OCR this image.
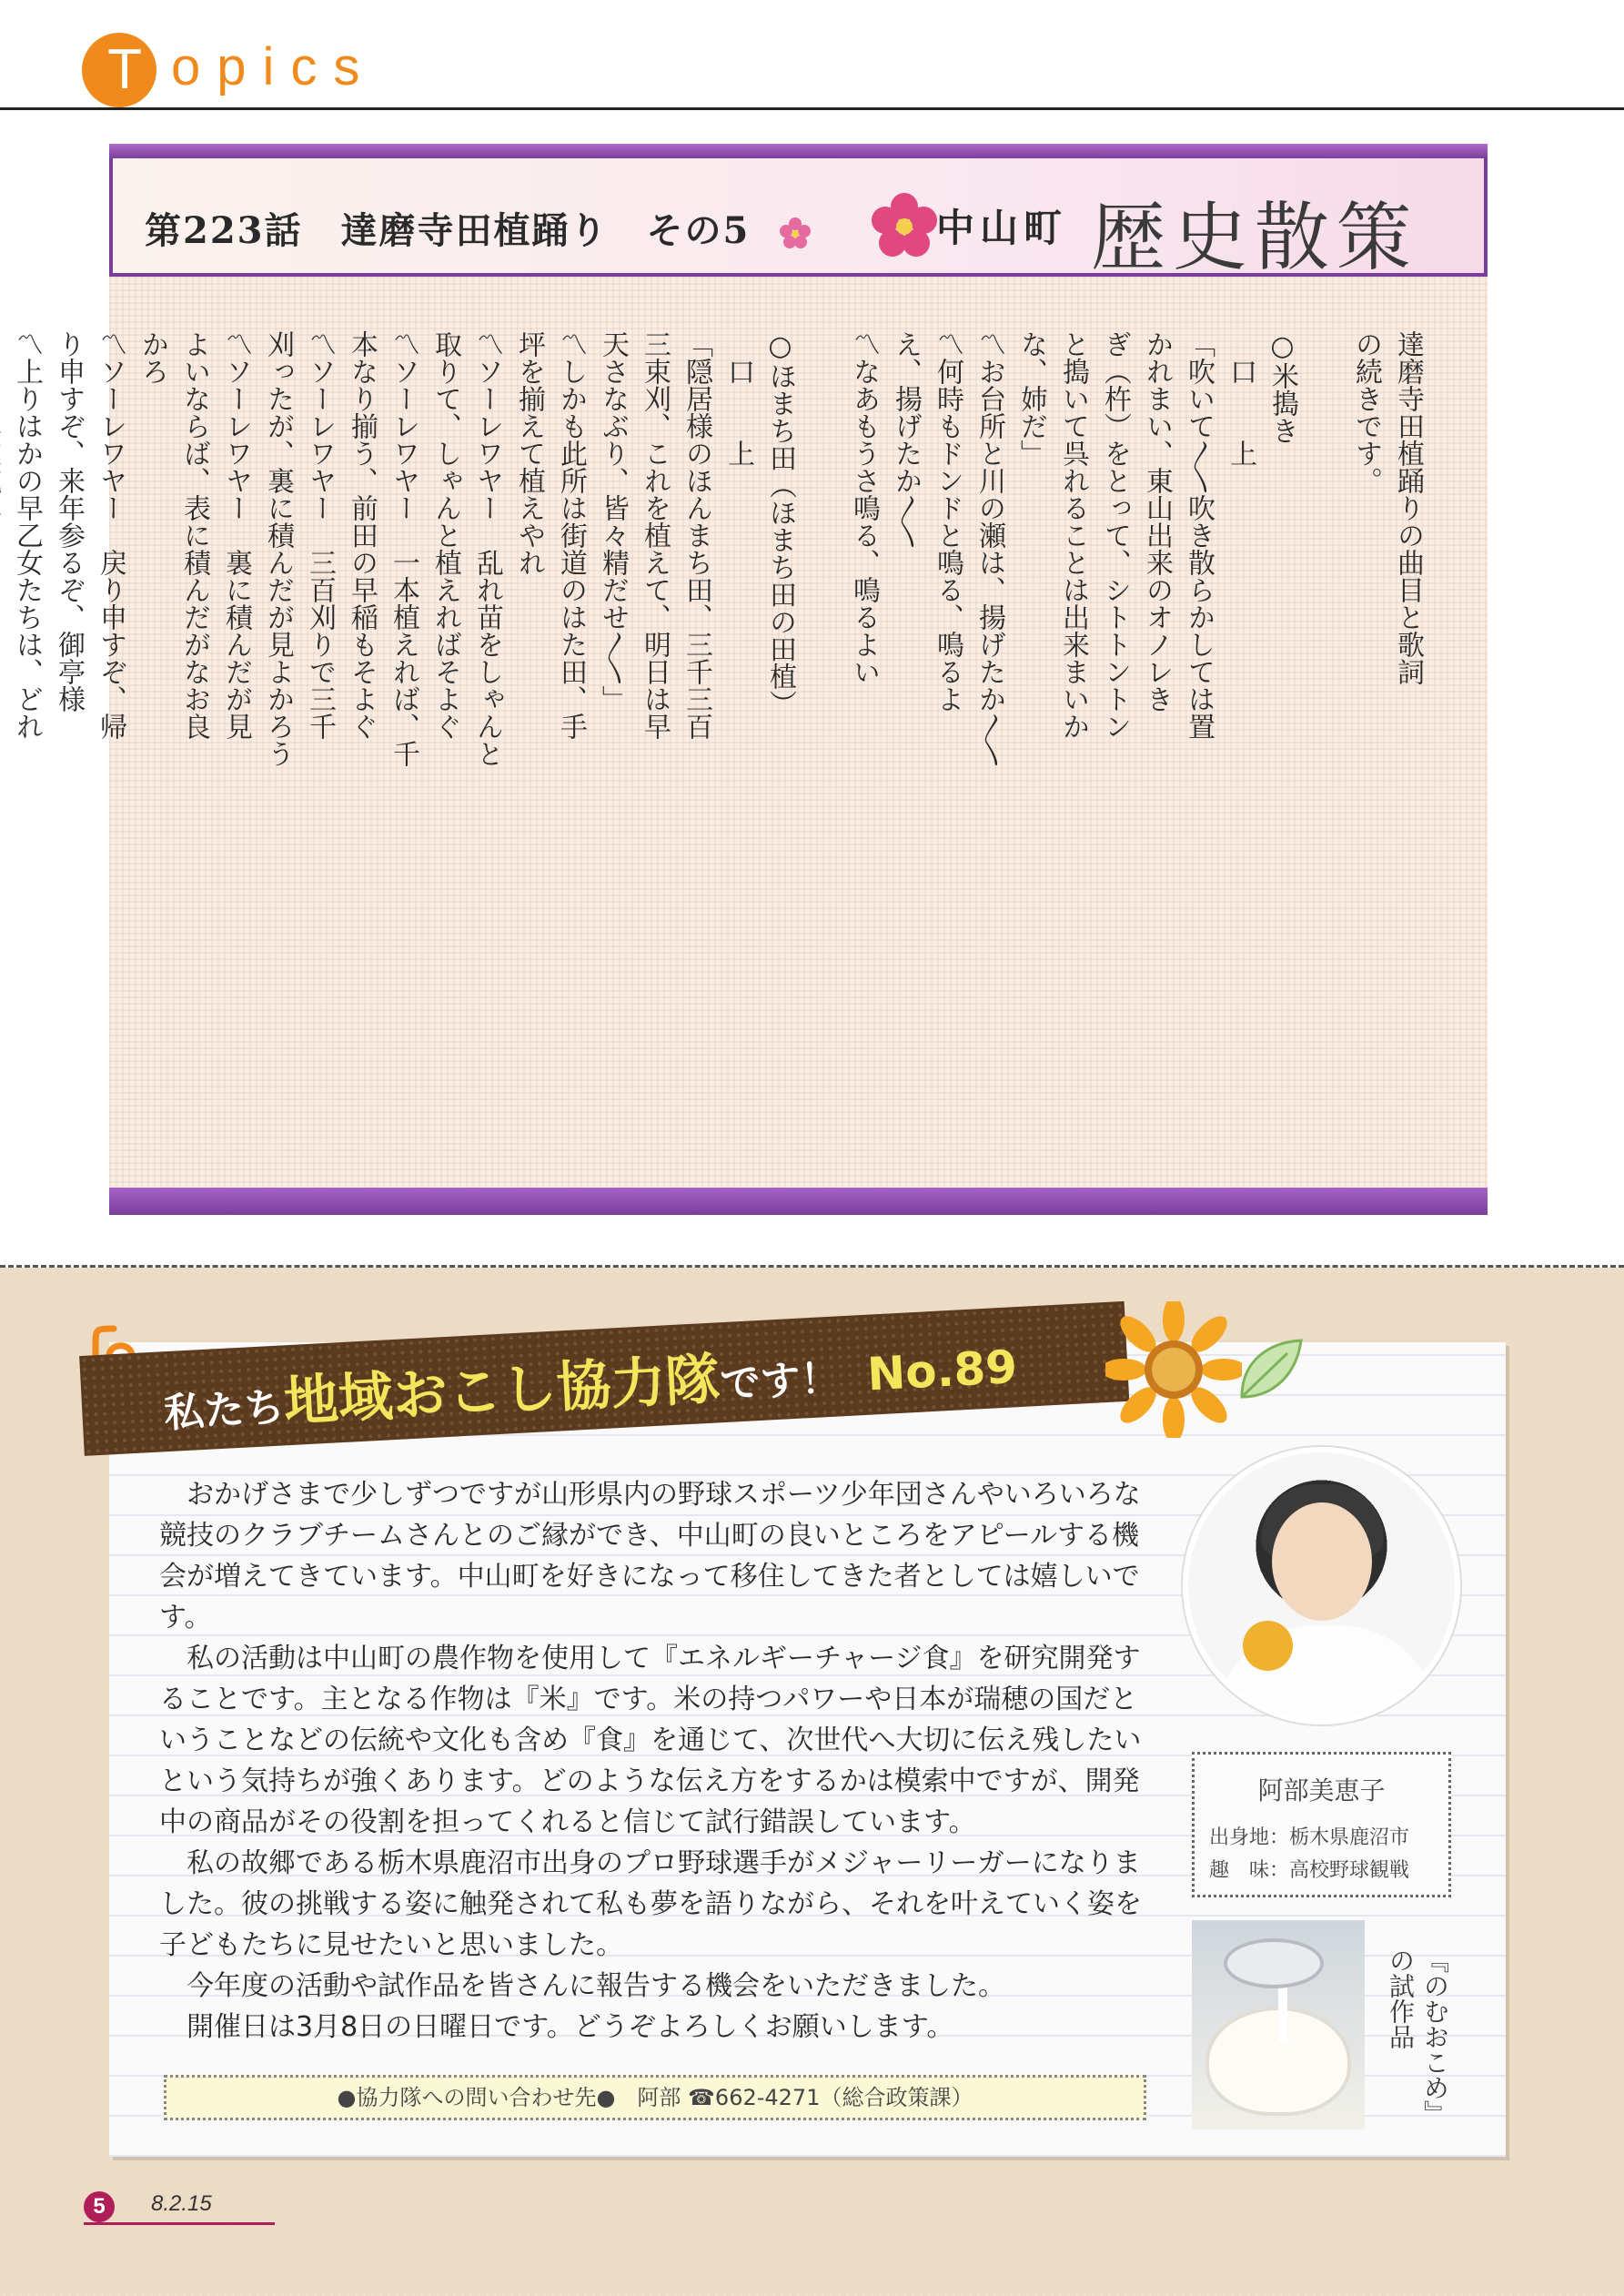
T opics
第223話　達磨寺田植踊り　その5	中山町 歴史散策
達磨寺田植踊りの曲目と歌詞
の続きです。

○米搗き
　口　　上
「吹いて〱吹き散らかしては置
かれまい、東山出来のオノレき
ぎ（杵）をとって、シトトントン
と搗いて呉れることは出来まいか
な、姉だ」
〽お台所と川の瀬は、揚げたか〱
〽何時もドンドと鳴る、鳴るよ
え、揚げたか〱
〽なあもうさ鳴る、鳴るよい

○ほまち田（ほまち田の田植）
　口　　上
「隠居様のほんまち田、三千三百
三束刈、これを植えて、明日は早
天さなぶり、皆々精だせ〱」
〽しかも此所は街道のはた田、手
坪を揃えて植えやれ
〽ソーレワヤー　乱れ苗をしゃんと
取りて、しゃんと植えればそよぐ
〽ソーレワヤー　一本植えれば、千
本なり揃う、前田の早稲もそよぐ
〽ソーレワヤー　三百刈りで三千
刈ったが、裏に積んだが見よかろう
〽ソーレワヤー　裏に積んだが見
よいならば、表に積んだがなお良
かろ
〽ソーレワヤー　戻り申すぞ、帰
り申すぞ、来年参るぞ、御亭様
〽上りはかの早乙女たちは、どれ

私たち地域おこし協力隊です！ No.89

おかげさまで少しずつですが山形県内の野球スポーツ少年団さんやいろいろな競技のクラブチームさんとのご縁ができ、中山町の良いところをアピールする機会が増えてきています。中山町を好きになって移住してきた者としては嬉しいです。

私の活動は中山町の農作物を使用して『エネルギーチャージ食』を研究開発することです。主となる作物は『米』です。米の持つパワーや日本が瑞穂の国だということなどの伝統や文化も含め『食』を通じて、次世代へ大切に伝え残したいという気持ちが強くあります。どのような伝え方をするかは模索中ですが、開発中の商品がその役割を担ってくれると信じて試行錯誤しています。

私の故郷である栃木県鹿沼市出身のプロ野球選手がメジャーリーガーになりました。彼の挑戦する姿に触発されて私も夢を語りながら、それを叶えていく姿を子どもたちに見せたいと思いました。

今年度の活動や試作品を皆さんに報告する機会をいただきました。

開催日は3月8日の日曜日です。どうぞよろしくお願いします。

阿部美恵子
出身地：栃木県鹿沼市
趣　味：高校野球観戦
『のむおこめ』の試作品
●協力隊への問い合わせ先●　阿部 ☎662-4271（総合政策課）
5	8.2.15
